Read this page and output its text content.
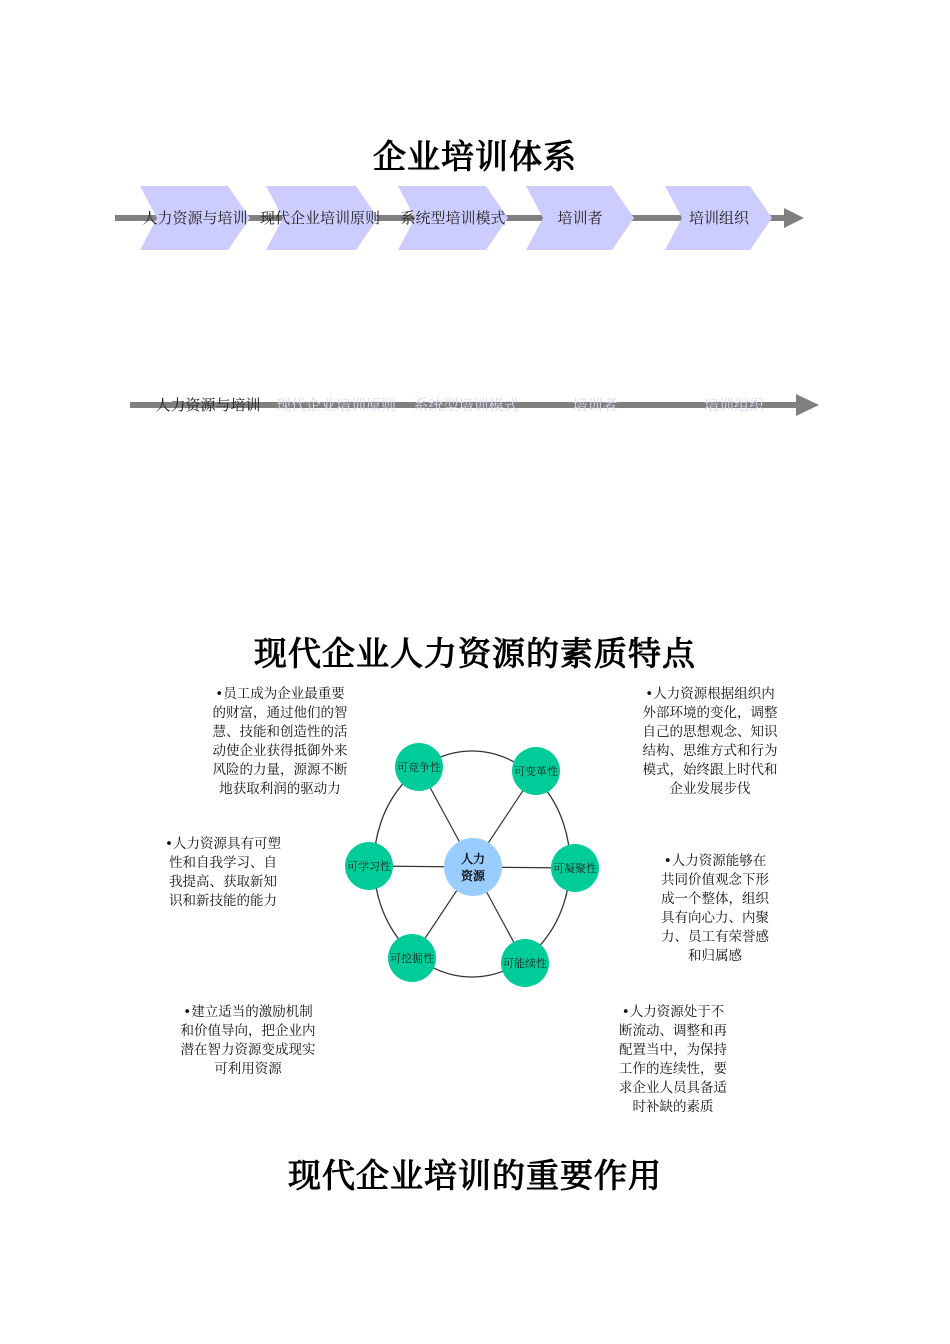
企业培训体系
现代企业人力资源的素质特点
现代企业培训的重要作用
人力资源与培训 现代企业培训原则 系统型培训模式	培训者	培训组织
人力资源与培训 现代企业培训原则 系统型培训模式	培训者	培训组织
人力
资源
可竞争性	可变革性
可凝聚性
可能续性
可挖掘性
可学习性
•员工成为企业最重要
的财富，通过他们的智
慧、技能和创造性的活
动使企业获得抵御外来
风险的力量，源源不断
地获取利润的驱动力
•人力资源根据组织内
外部环境的变化，调整
自己的思想观念、知识
结构、思维方式和行为
模式，始终跟上时代和
企业发展步伐
•人力资源具有可塑
性和自我学习、自
我提高、获取新知
识和新技能的能力
•人力资源能够在
共同价值观念下形
成一个整体，组织
具有向心力、内聚
力、员工有荣誉感
和归属感
•建立适当的激励机制
和价值导向，把企业内
潜在智力资源变成现实
可利用资源
•人力资源处于不
断流动、调整和再
配置当中，为保持
工作的连续性，要
求企业人员具备适
时补缺的素质
